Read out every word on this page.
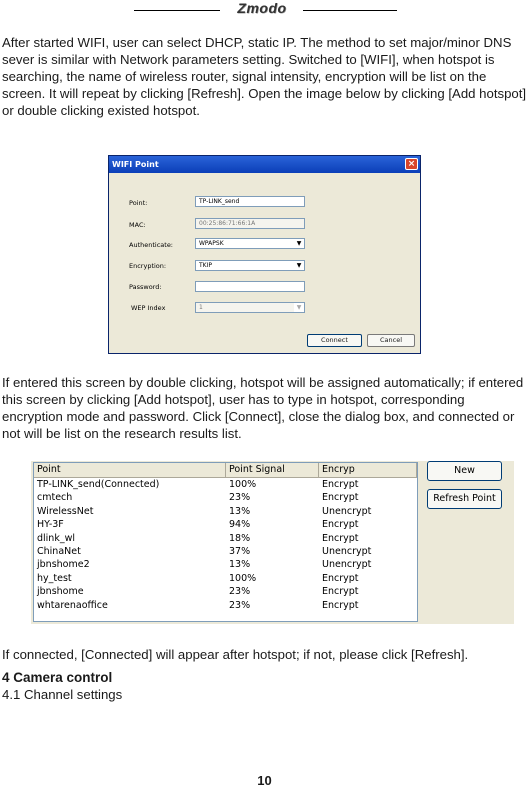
Zmodo

After started WIFI, user can select DHCP, static IP. The method to set major/minor DNS sever is similar with Network parameters setting. Switched to [WIFI], when hotspot is searching, the name of wireless router, signal intensity, encryption will be list on the screen. It will repeat by clicking [Refresh]. Open the image below by clicking [Add hotspot] or double clicking existed hotspot.

WIFI Point	×
Point:	TP-LINK_send
MAC:	00:25:86:71:66:1A
Authenticate:	WPAPSK	▼
Encryption:	TKIP	▼
Password:
WEP Index	1	▼
Connect	Cancel

If entered this screen by double clicking, hotspot will be assigned automatically; if entered this screen by clicking [Add hotspot], user has to type in hotspot, corresponding encryption mode and password. Click [Connect], close the dialog box, and connected or not will be list on the research results list.

Point	Point Signal	Encryp
TP-LINK_send(Connected)	100%	Encrypt
cmtech	23%	Encrypt
WirelessNet	13%	Unencrypt
HY-3F	94%	Encrypt
dlink_wl	18%	Encrypt
ChinaNet	37%	Unencrypt
jbnshome2	13%	Unencrypt
hy_test	100%	Encrypt
jbnshome	23%	Encrypt
whtarenaoffice	23%	Encrypt
New
Refresh Point

If connected, [Connected] will appear after hotspot; if not, please click [Refresh].

4 Camera control

4.1 Channel settings

10
